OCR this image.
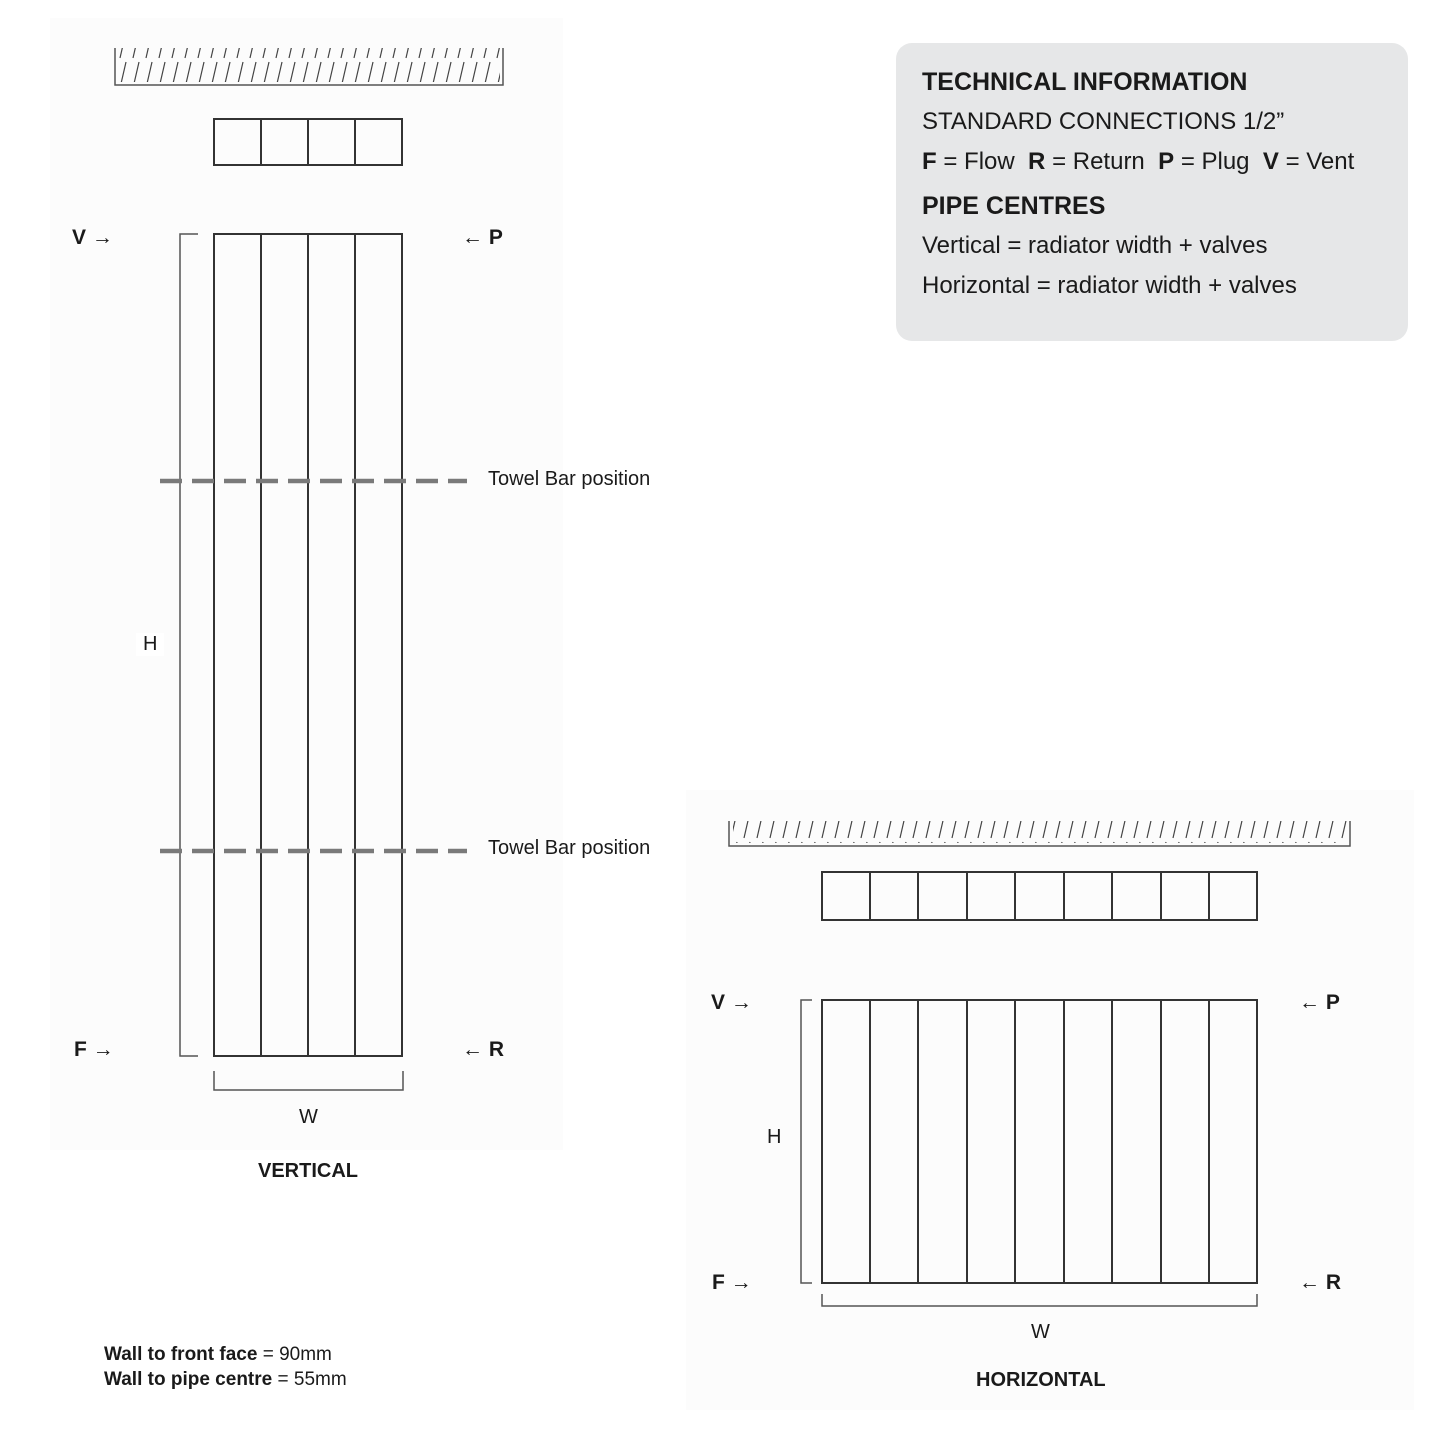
TECHNICAL INFORMATION
STANDARD CONNECTIONS 1/2”
F = Flow R = Return P = Plug V = Vent
PIPE CENTRES
Vertical = radiator width + valves
Horizontal = radiator width + valves
V →	← P
F →	← R
Towel Bar position
Towel Bar position
H
W
VERTICAL
V →	← P
F →	← R
H
W
HORIZONTAL
Wall to front face = 90mm
Wall to pipe centre = 55mm
